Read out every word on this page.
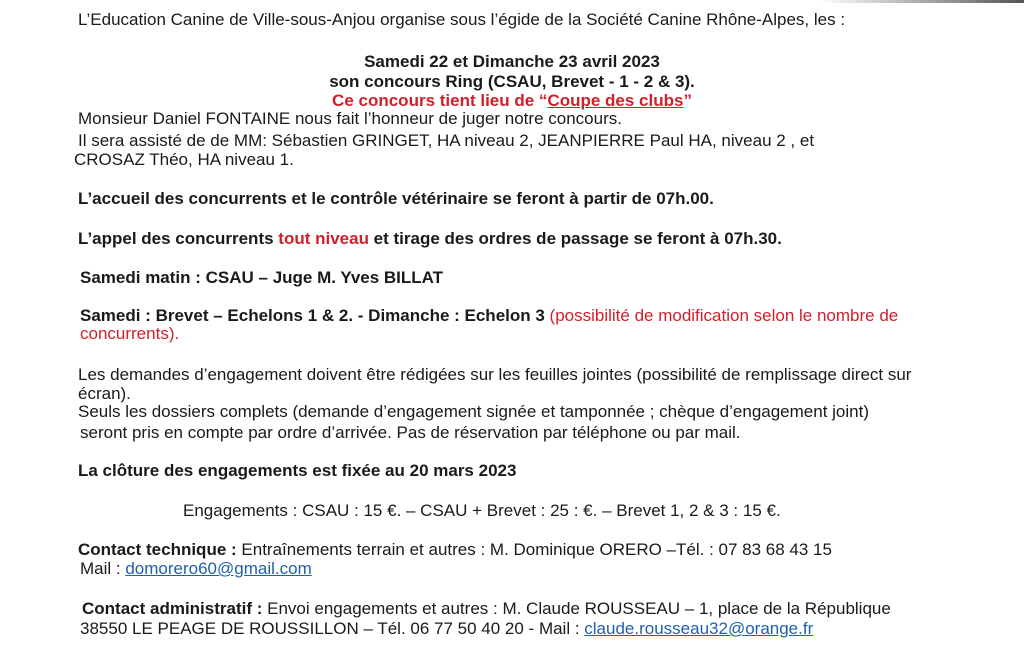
L’Education Canine de Ville-sous-Anjou organise sous l’égide de la Société Canine Rhône-Alpes, les :
Samedi 22 et Dimanche 23 avril 2023
son concours Ring (CSAU, Brevet - 1 - 2 & 3).
Ce concours tient lieu de “Coupe des clubs”
Monsieur Daniel FONTAINE nous fait l’honneur de juger notre concours.
Il sera assisté de de MM: Sébastien GRINGET, HA niveau 2, JEANPIERRE Paul HA, niveau 2 , et
CROSAZ Théo, HA niveau 1.
L’accueil des concurrents et le contrôle vétérinaire se feront à partir de 07h.00.
L’appel des concurrents tout niveau et tirage des ordres de passage se feront à 07h.30.
Samedi matin : CSAU – Juge M. Yves BILLAT
Samedi : Brevet – Echelons 1 & 2. - Dimanche : Echelon 3 (possibilité de modification selon le nombre de
concurrents).
Les demandes d’engagement doivent être rédigées sur les feuilles jointes (possibilité de remplissage direct sur
écran).
Seuls les dossiers complets (demande d’engagement signée et tamponnée ; chèque d’engagement joint)
seront pris en compte par ordre d’arrivée. Pas de réservation par téléphone ou par mail.
La clôture des engagements est fixée au 20 mars 2023
Engagements : CSAU : 15 €. – CSAU + Brevet : 25 : €. – Brevet 1, 2 & 3 : 15 €.
Contact technique : Entraînements terrain et autres : M. Dominique ORERO –Tél. : 07 83 68 43 15
Mail : domorero60@gmail.com
Contact administratif : Envoi engagements et autres : M. Claude ROUSSEAU – 1, place de la République
38550 LE PEAGE DE ROUSSILLON – Tél. 06 77 50 40 20 - Mail : claude.rousseau32@orange.fr
